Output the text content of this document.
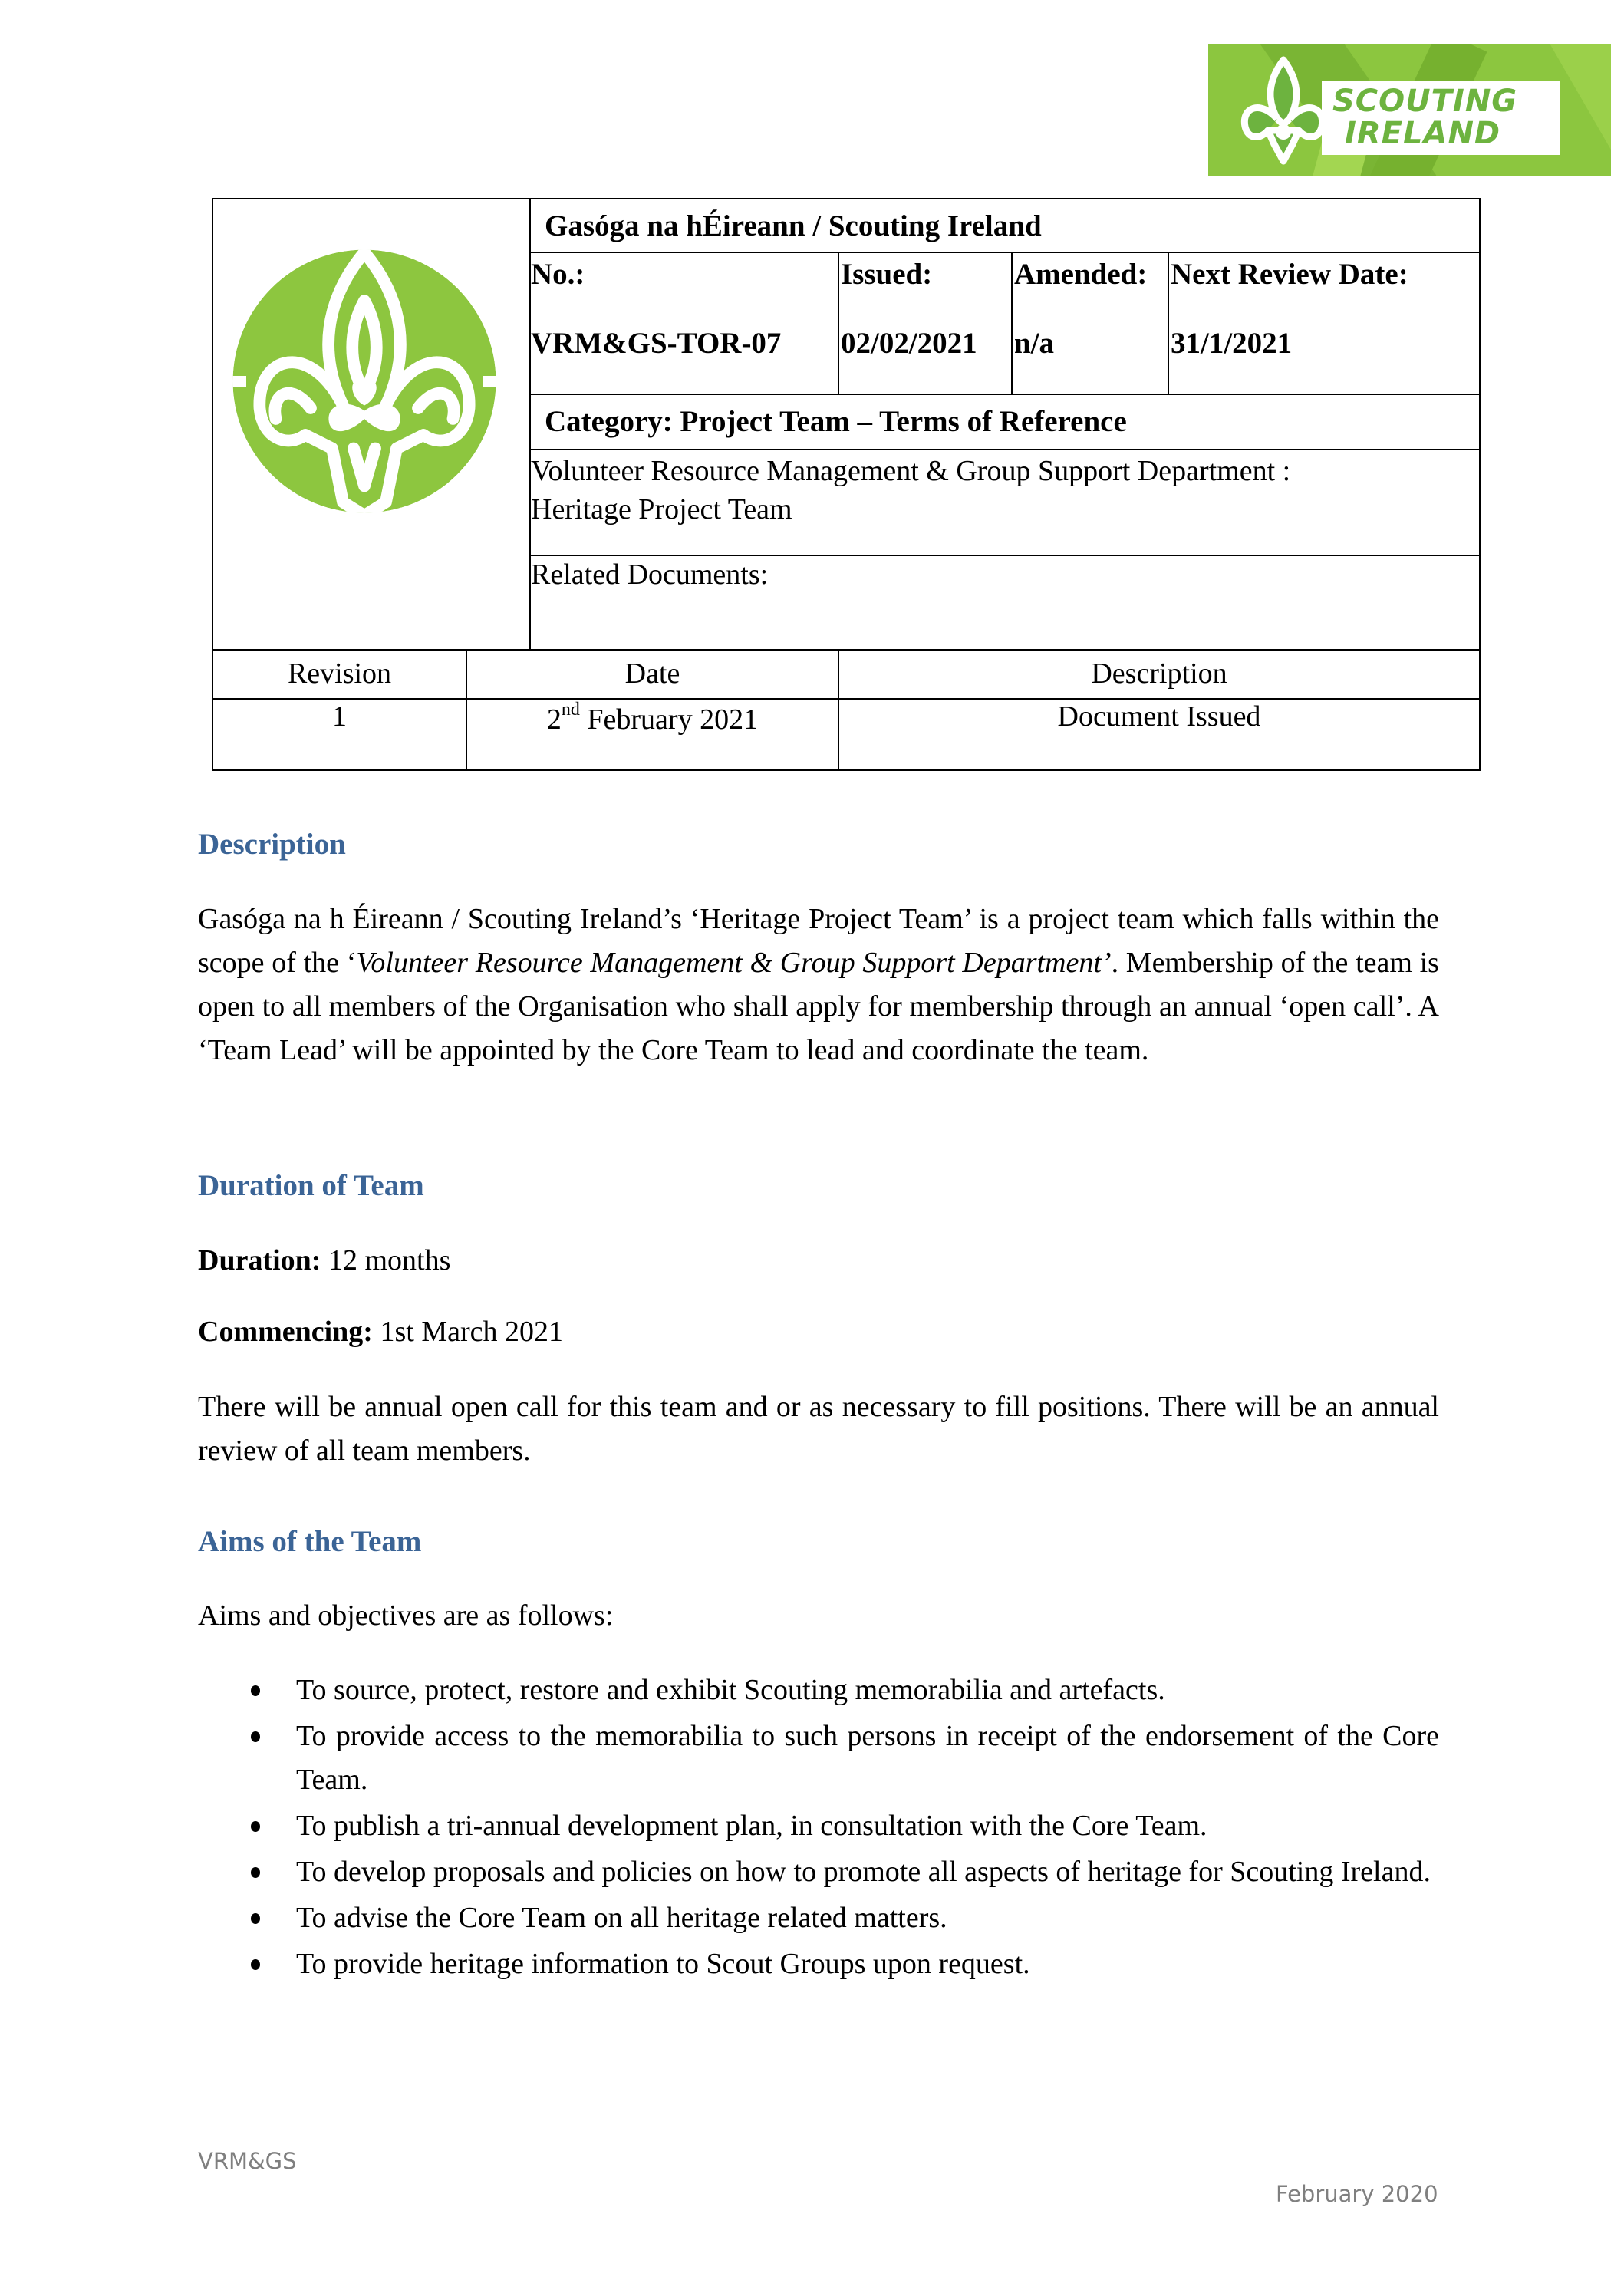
SCOUTING
IRELAND
Gasóga na hÉireann / Scouting Ireland
No.:
VRM&GS-TOR-07
Issued:
02/02/2021
Amended:
n/a
Next Review Date:
31/1/2021
Category: Project Team – Terms of Reference
Volunteer Resource Management & Group Support Department :
Heritage Project Team
Related Documents:
Revision	Date	Description
1	2nd February 2021	Document Issued
Description
Gasóga na h Éireann / Scouting Ireland’s ‘Heritage Project Team’ is a project team which falls within the scope of the ‘Volunteer Resource Management & Group Support Department’. Membership of the team is open to all members of the Organisation who shall apply for membership through an annual ‘open call’. A ‘Team Lead’ will be appointed by the Core Team to lead and coordinate the team.
Duration of Team
Duration: 12 months
Commencing: 1st March 2021
There will be annual open call for this team and or as necessary to fill positions. There will be an annual review of all team members.
Aims of the Team
Aims and objectives are as follows:
To source, protect, restore and exhibit Scouting memorabilia and artefacts.
To provide access to the memorabilia to such persons in receipt of the endorsement of the Core Team.
To publish a tri-annual development plan, in consultation with the Core Team.
To develop proposals and policies on how to promote all aspects of heritage for Scouting Ireland.
To advise the Core Team on all heritage related matters.
To provide heritage information to Scout Groups upon request.
VRM&GS
February 2020
